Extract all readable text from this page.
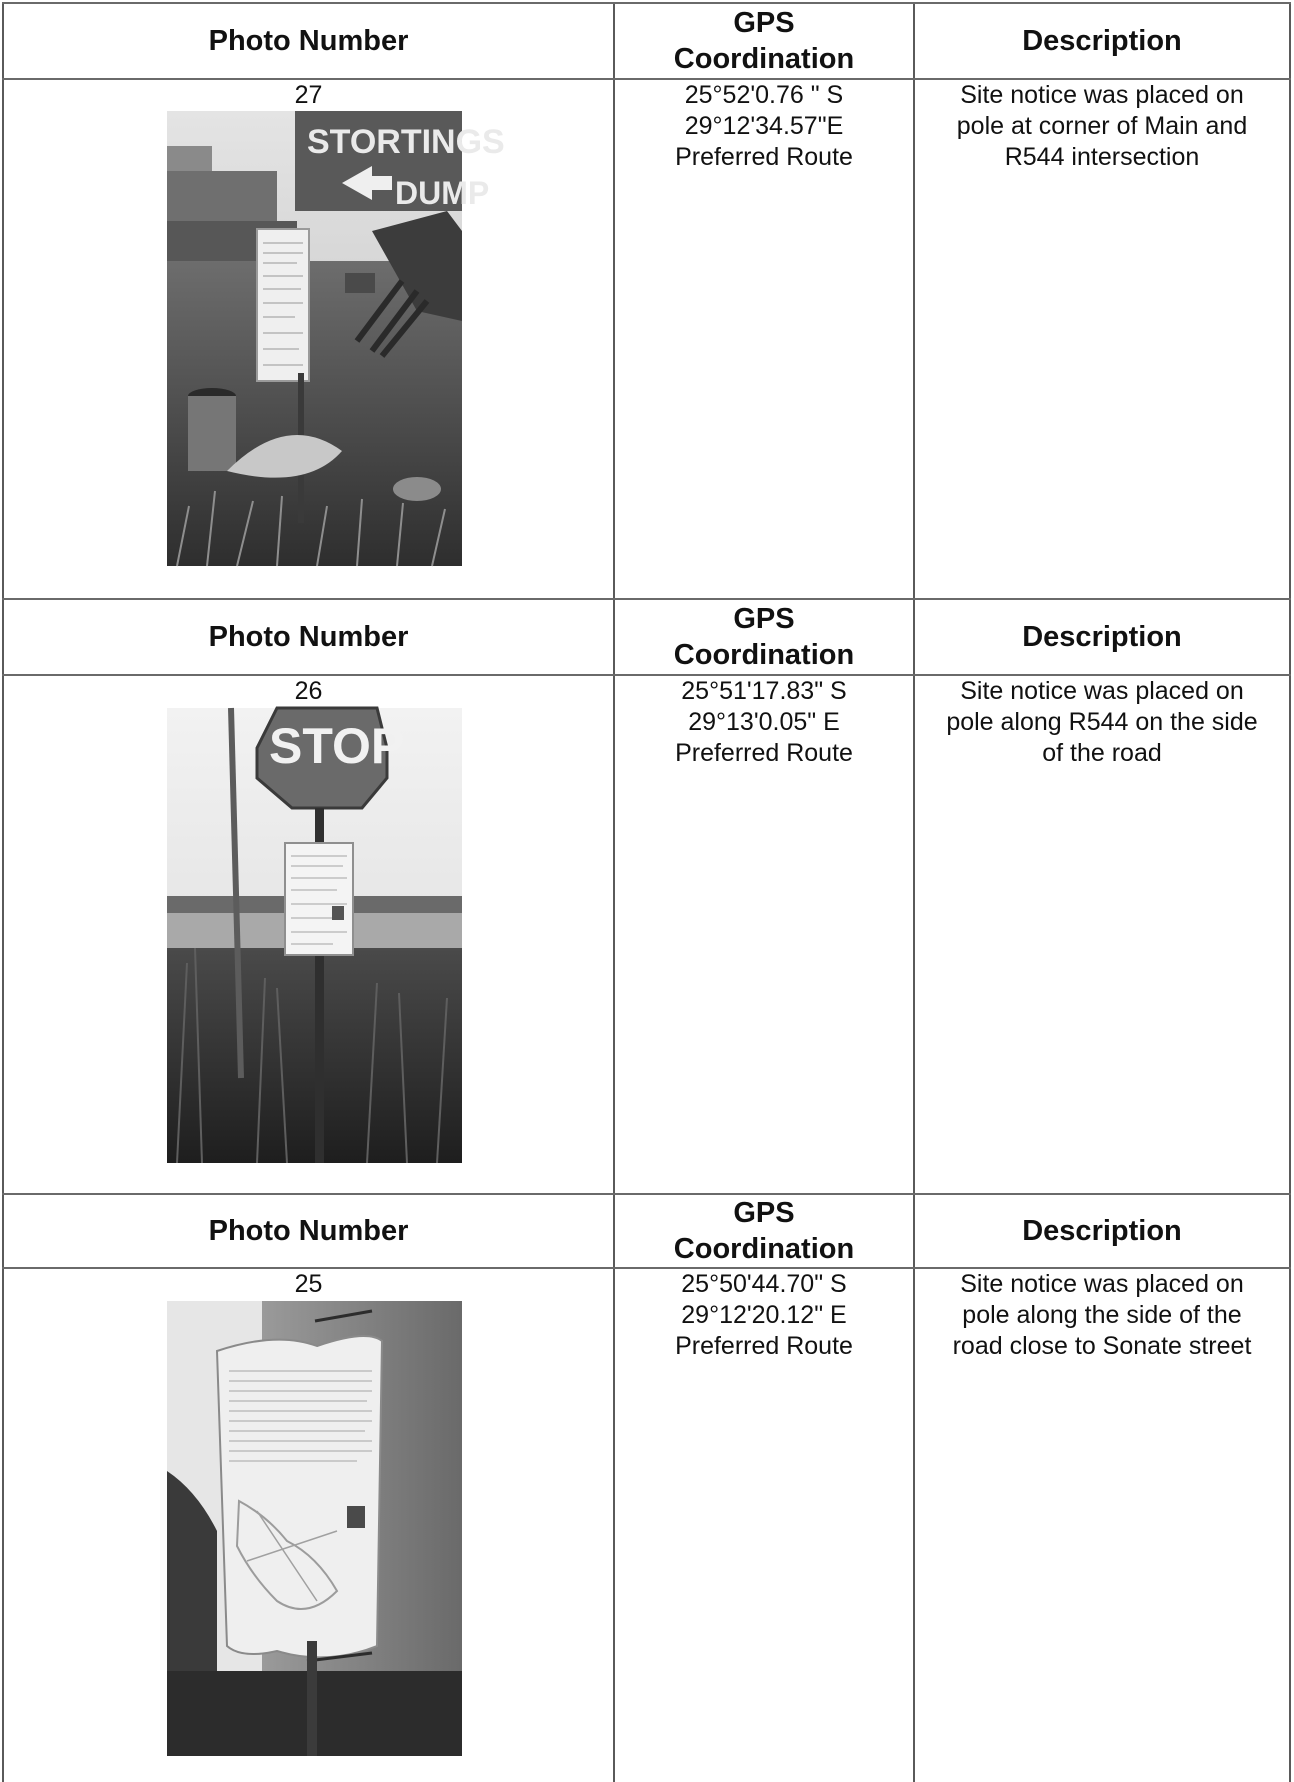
Photo Number
GPS
Coordination
Description
27
STORTINGS
DUMP
25°52'0.76 " S
29°12'34.57"E
Preferred Route
Site notice was placed on
pole at corner of Main and
R544 intersection
Photo Number
GPS
Coordination
Description
26
STOP
25°51'17.83" S
29°13'0.05" E
Preferred Route
Site notice was placed on
pole along R544 on the side
of the road
Photo Number
GPS
Coordination
Description
25	25°50'44.70" S
29°12'20.12" E
Preferred Route
Site notice was placed on
pole along the side of the
road close to Sonate street
